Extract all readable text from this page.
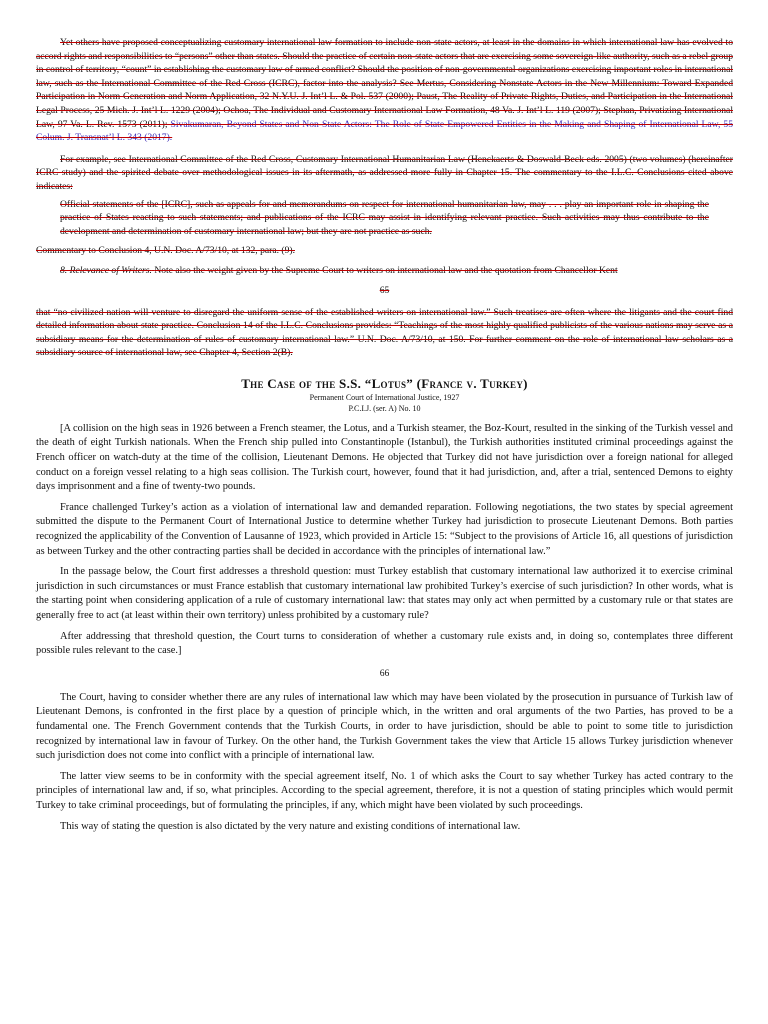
Yet others have proposed conceptualizing customary international law formation to include non-state actors, at least in the domains in which international law has evolved to accord rights and responsibilities to “persons” other than states. Should the practice of certain non-state actors that are exercising some sovereign-like authority, such as a rebel group in control of territory, “count” in establishing the customary law of armed conflict? Should the position of non-governmental organizations exercising important roles in international law, such as the International Committee of the Red Cross (ICRC), factor into the analysis? See Mertus, Considering Nonstate Actors in the New Millennium: Toward Expanded Participation in Norm Generation and Norm Application, 32 N.Y.U. J. Int’l L. & Pol. 537 (2000); Paust, The Reality of Private Rights, Duties, and Participation in the International Legal Process, 25 Mich. J. Int’l L. 1229 (2004); Ochoa, The Individual and Customary International Law Formation, 48 Va. J. Int’l L. 119 (2007); Stephan, Privatizing International Law, 97 Va. L. Rev. 1573 (2011); Sivakumaran, Beyond States and Non-State Actors: The Role of State-Empowered Entities in the Making and Shaping of International Law, 55 Colum. J. Transnat’l L. 343 (2017).

For example, see International Committee of the Red Cross, Customary International Humanitarian Law (Henckaerts & Doswald-Beck eds. 2005) (two volumes) (hereinafter ICRC study) and the spirited debate over methodological issues in its aftermath, as addressed more fully in Chapter 15. The commentary to the I.L.C. Conclusions cited above indicates:

Official statements of the [ICRC], such as appeals for and memorandums on respect for international humanitarian law, may . . . play an important role in shaping the practice of States reacting to such statements; and publications of the ICRC may assist in identifying relevant practice. Such activities may thus contribute to the development and determination of customary international law; but they are not practice as such.

Commentary to Conclusion 4, U.N. Doc. A/73/10, at 132, para. (9).

8. Relevance of Writers. Note also the weight given by the Supreme Court to writers on international law and the quotation from Chancellor Kent

65

that “no civilized nation will venture to disregard the uniform sense of the established writers on international law.” Such treatises are often where the litigants and the court find detailed information about state practice. Conclusion 14 of the I.L.C. Conclusions provides: “Teachings of the most highly qualified publicists of the various nations may serve as a subsidiary means for the determination of rules of customary international law.” U.N. Doc. A/73/10, at 150. For further comment on the role of international law scholars as a subsidiary source of international law, see Chapter 4, Section 2(B).

The Case of the S.S. “Lotus” (France v. Turkey)
Permanent Court of International Justice, 1927
P.C.I.J. (ser. A) No. 10

[A collision on the high seas in 1926 between a French steamer, the Lotus, and a Turkish steamer, the Boz-Kourt, resulted in the sinking of the Turkish vessel and the death of eight Turkish nationals. When the French ship pulled into Constantinople (Istanbul), the Turkish authorities instituted criminal proceedings against the French officer on watch-duty at the time of the collision, Lieutenant Demons. He objected that Turkey did not have jurisdiction over a foreign national for alleged conduct on a foreign vessel relating to a high seas collision. The Turkish court, however, found that it had jurisdiction, and, after a trial, sentenced Demons to eighty days imprisonment and a fine of twenty-two pounds.

France challenged Turkey’s action as a violation of international law and demanded reparation. Following negotiations, the two states by special agreement submitted the dispute to the Permanent Court of International Justice to determine whether Turkey had jurisdiction to prosecute Lieutenant Demons. Both parties recognized the applicability of the Convention of Lausanne of 1923, which provided in Article 15: “Subject to the provisions of Article 16, all questions of jurisdiction as between Turkey and the other contracting parties shall be decided in accordance with the principles of international law.”

In the passage below, the Court first addresses a threshold question: must Turkey establish that customary international law authorized it to exercise criminal jurisdiction in such circumstances or must France establish that customary international law prohibited Turkey’s exercise of such jurisdiction? In other words, what is the starting point when considering application of a rule of customary international law: that states may only act when permitted by a customary rule or that states are generally free to act (at least within their own territory) unless prohibited by a customary rule?

After addressing that threshold question, the Court turns to consideration of whether a customary rule exists and, in doing so, contemplates three different possible rules relevant to the case.]

66

The Court, having to consider whether there are any rules of international law which may have been violated by the prosecution in pursuance of Turkish law of Lieutenant Demons, is confronted in the first place by a question of principle which, in the written and oral arguments of the two Parties, has proved to be a fundamental one. The French Government contends that the Turkish Courts, in order to have jurisdiction, should be able to point to some title to jurisdiction recognized by international law in favour of Turkey. On the other hand, the Turkish Government takes the view that Article 15 allows Turkey jurisdiction whenever such jurisdiction does not come into conflict with a principle of international law.

The latter view seems to be in conformity with the special agreement itself, No. 1 of which asks the Court to say whether Turkey has acted contrary to the principles of international law and, if so, what principles. According to the special agreement, therefore, it is not a question of stating principles which would permit Turkey to take criminal proceedings, but of formulating the principles, if any, which might have been violated by such proceedings.

This way of stating the question is also dictated by the very nature and existing conditions of international law.
